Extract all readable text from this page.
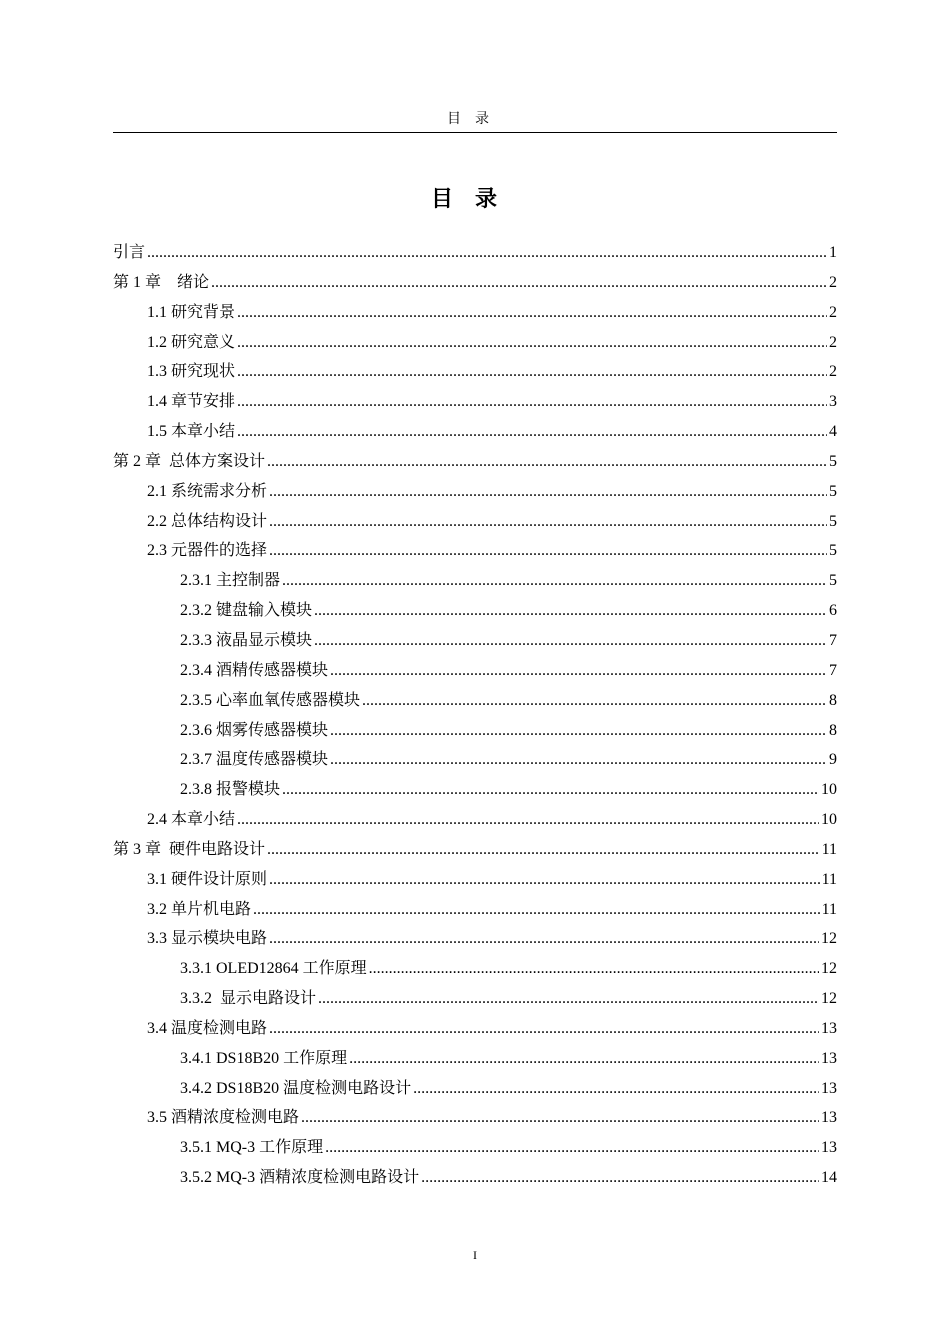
目录
目录
引言 .....	1
第 1 章　绪论 .....	2
1.1 研究背景 .....	2
1.2 研究意义 .....	2
1.3 研究现状 .....	2
1.4 章节安排 .....	3
1.5 本章小结 .....	4
第 2 章  总体方案设计 .....	5
2.1 系统需求分析 .....	5
2.2 总体结构设计 .....	5
2.3 元器件的选择 .....	5
2.3.1 主控制器 .....	5
2.3.2 键盘输入模块 .....	6
2.3.3 液晶显示模块 .....	7
2.3.4 酒精传感器模块 .....	7
2.3.5 心率血氧传感器模块 .....	8
2.3.6 烟雾传感器模块 .....	8
2.3.7 温度传感器模块 .....	9
2.3.8 报警模块 .....	10
2.4 本章小结 .....	10
第 3 章  硬件电路设计 .....	11
3.1 硬件设计原则 .....	11
3.2 单片机电路 .....	11
3.3 显示模块电路 .....	12
3.3.1 OLED12864 工作原理 .....	12
3.3.2  显示电路设计 .....	12
3.4 温度检测电路 .....	13
3.4.1 DS18B20 工作原理 .....	13
3.4.2 DS18B20 温度检测电路设计 .....	13
3.5 酒精浓度检测电路 .....	13
3.5.1 MQ-3 工作原理 .....	13
3.5.2 MQ-3 酒精浓度检测电路设计 .....	14
I
